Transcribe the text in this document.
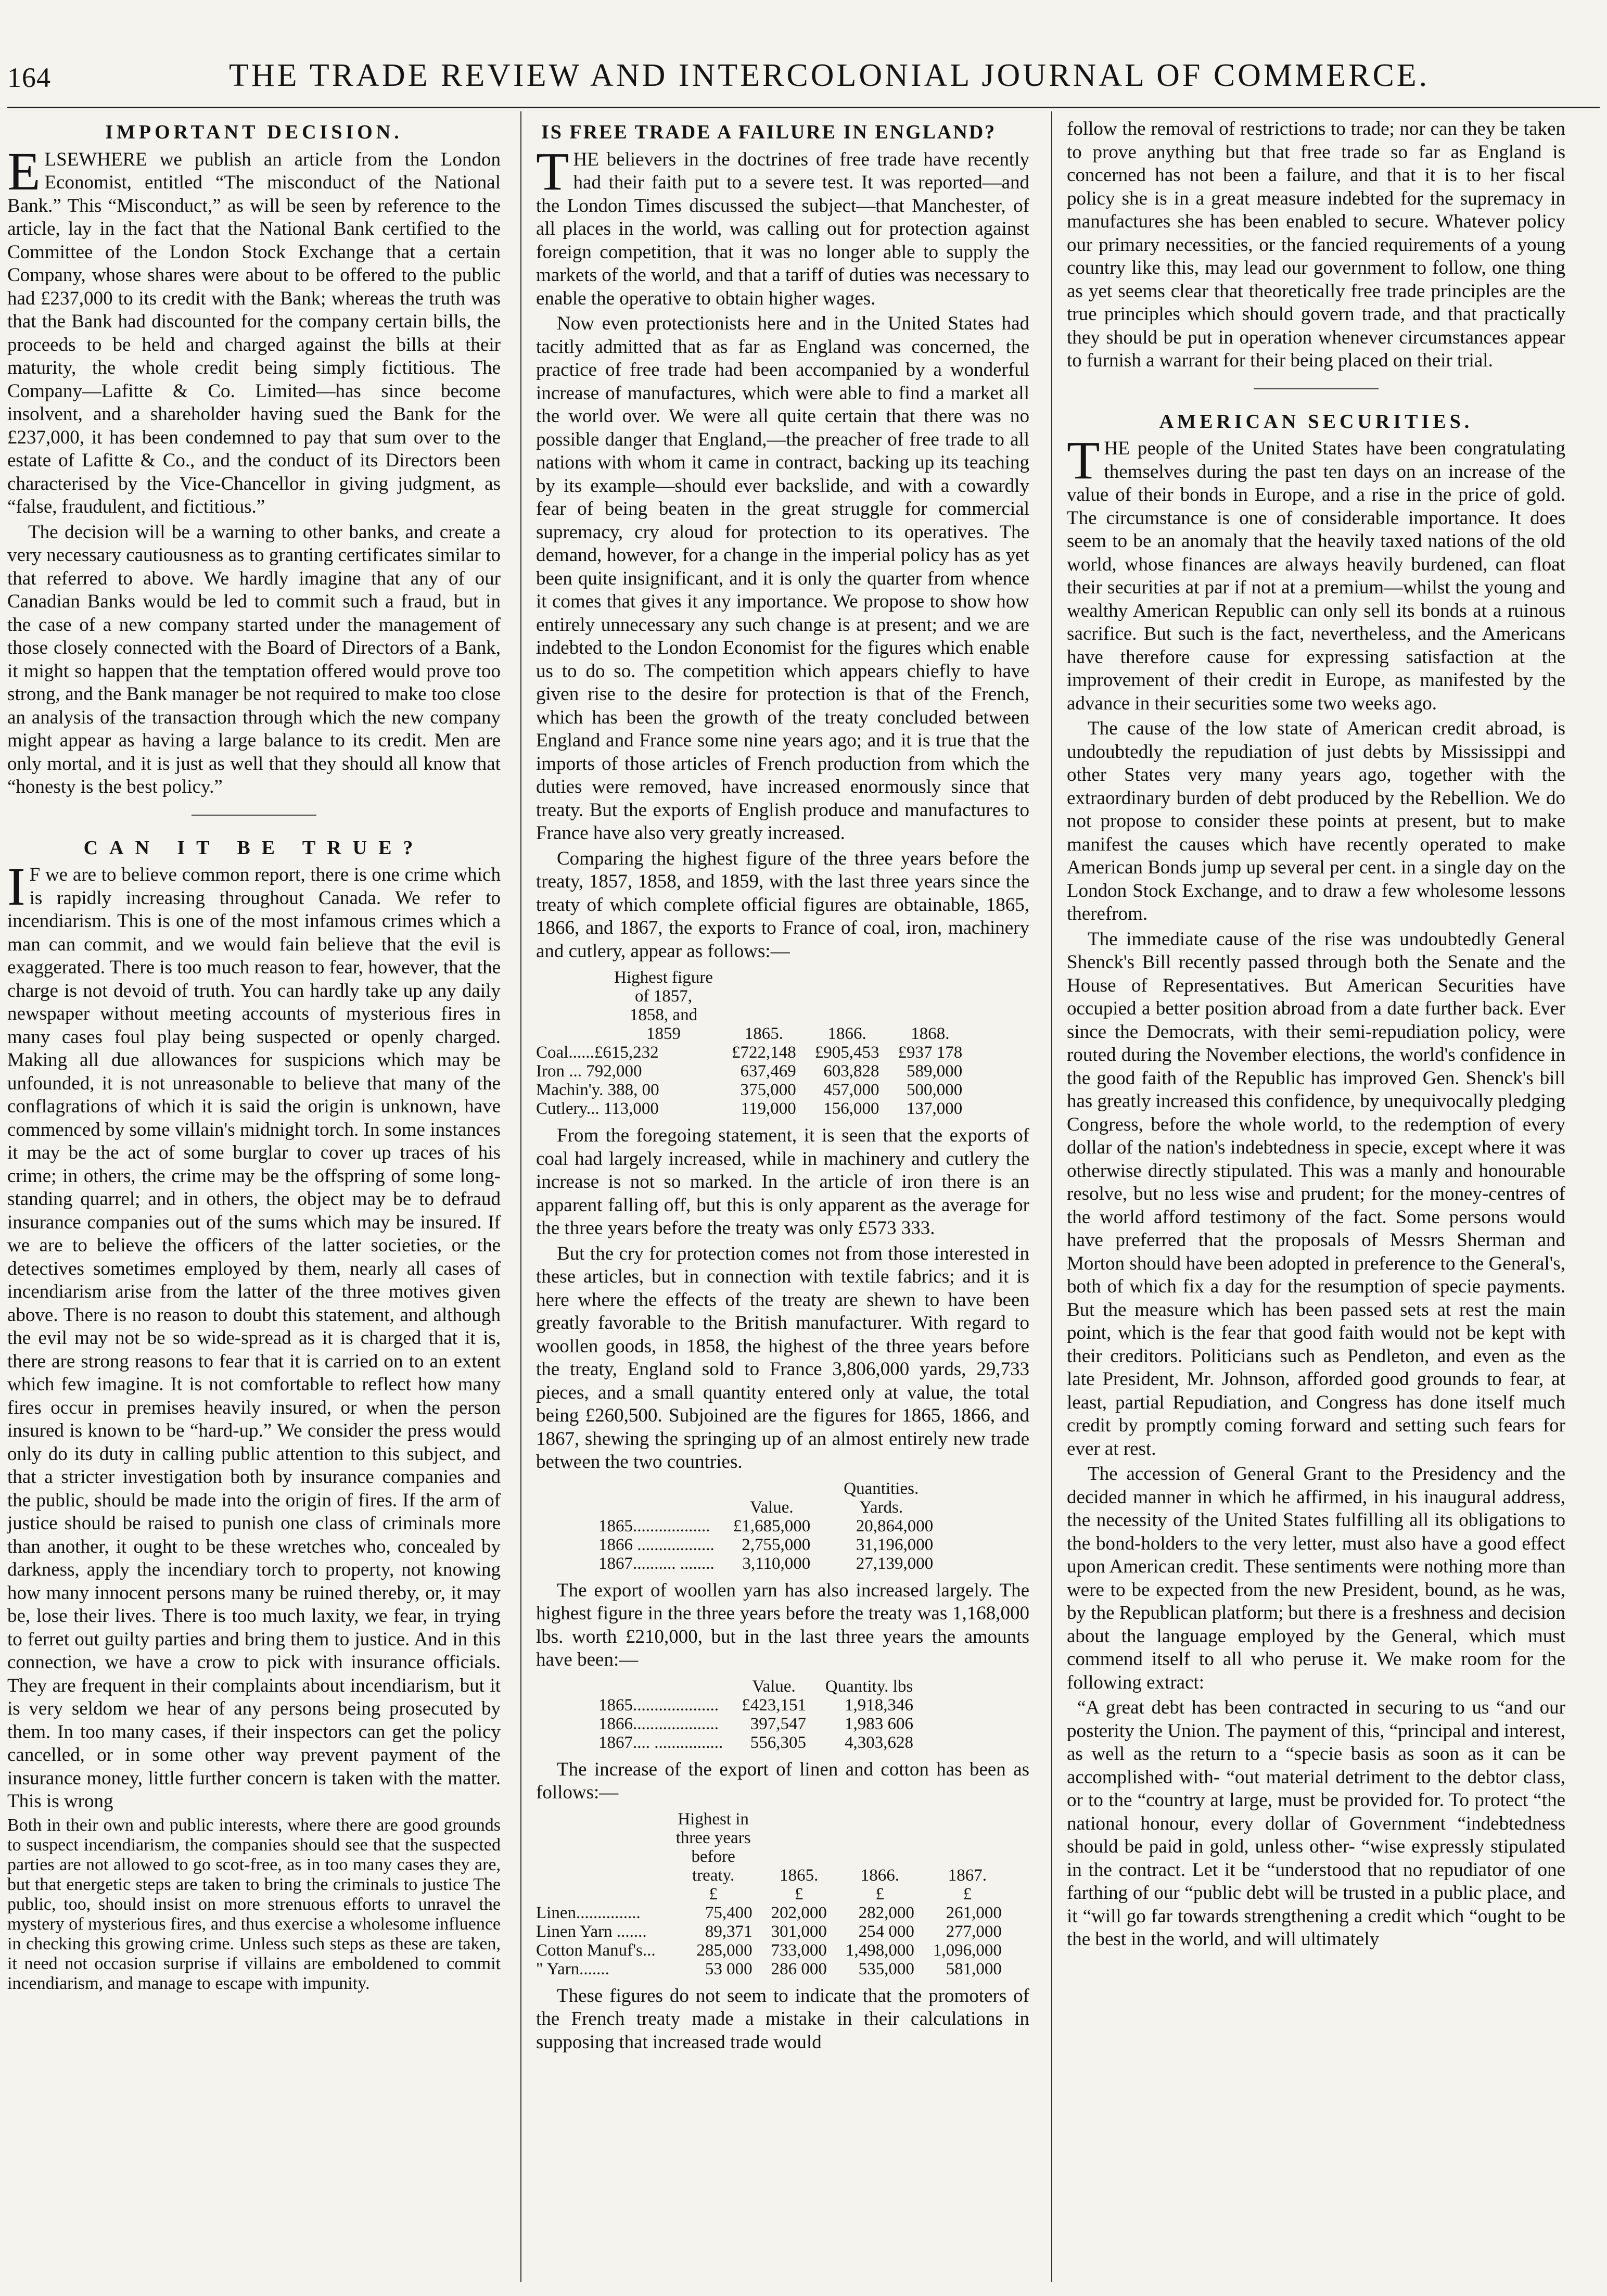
164	THE TRADE REVIEW AND INTERCOLONIAL JOURNAL OF COMMERCE.
IMPORTANT DECISION.

ELSEWHERE we publish an article from the London Economist, entitled “The misconduct of the National Bank.” This “Misconduct,” as will be seen by reference to the article, lay in the fact that the National Bank certified to the Committee of the London Stock Exchange that a certain Company, whose shares were about to be offered to the public had £237,000 to its credit with the Bank; whereas the truth was that the Bank had discounted for the company certain bills, the proceeds to be held and charged against the bills at their maturity, the whole credit being simply fictitious. The Company—Lafitte & Co. Limited—has since become insolvent, and a shareholder having sued the Bank for the £237,000, it has been condemned to pay that sum over to the estate of Lafitte & Co., and the conduct of its Directors been characterised by the Vice-Chancellor in giving judgment, as “false, fraudulent, and fictitious.”

The decision will be a warning to other banks, and create a very necessary cautiousness as to granting certificates similar to that referred to above. We hardly imagine that any of our Canadian Banks would be led to commit such a fraud, but in the case of a new company started under the management of those closely connected with the Board of Directors of a Bank, it might so happen that the temptation offered would prove too strong, and the Bank manager be not required to make too close an analysis of the transaction through which the new company might appear as having a large balance to its credit. Men are only mortal, and it is just as well that they should all know that “honesty is the best policy.”

CAN IT BE TRUE?

I F we are to believe common report, there is one crime which is rapidly increasing throughout Canada. We refer to incendiarism. This is one of the most infamous crimes which a man can commit, and we would fain believe that the evil is exaggerated. There is too much reason to fear, however, that the charge is not devoid of truth. You can hardly take up any daily newspaper without meeting accounts of mysterious fires in many cases foul play being suspected or openly charged. Making all due allowances for suspicions which may be unfounded, it is not unreasonable to believe that many of the conflagrations of which it is said the origin is unknown, have commenced by some villain's midnight torch. In some instances it may be the act of some burglar to cover up traces of his crime; in others, the crime may be the offspring of some long-standing quarrel; and in others, the object may be to defraud insurance companies out of the sums which may be insured. If we are to believe the officers of the latter societies, or the detectives sometimes employed by them, nearly all cases of incendiarism arise from the latter of the three motives given above. There is no reason to doubt this statement, and although the evil may not be so wide-spread as it is charged that it is, there are strong reasons to fear that it is carried on to an extent which few imagine. It is not comfortable to reflect how many fires occur in premises heavily insured, or when the person insured is known to be “hard-up.” We consider the press would only do its duty in calling public attention to this subject, and that a stricter investigation both by insurance companies and the public, should be made into the origin of fires. If the arm of justice should be raised to punish one class of criminals more than another, it ought to be these wretches who, concealed by darkness, apply the incendiary torch to property, not knowing how many innocent persons many be ruined thereby, or, it may be, lose their lives. There is too much laxity, we fear, in trying to ferret out guilty parties and bring them to justice. And in this connection, we have a crow to pick with insurance officials. They are frequent in their complaints about incendiarism, but it is very seldom we hear of any persons being prosecuted by them. In too many cases, if their inspectors can get the policy cancelled, or in some other way prevent payment of the insurance money, little further concern is taken with the matter. This is wrong

Both in their own and public interests, where there are good grounds to suspect incendiarism, the companies should see that the suspected parties are not allowed to go scot-free, as in too many cases they are, but that energetic steps are taken to bring the criminals to justice The public, too, should insist on more strenuous efforts to unravel the mystery of mysterious fires, and thus exercise a wholesome influence in checking this growing crime. Unless such steps as these are taken, it need not occasion surprise if villains are emboldened to commit incendiarism, and manage to escape with impunity.

IS FREE TRADE A FAILURE IN ENGLAND?

THE believers in the doctrines of free trade have recently had their faith put to a severe test. It was reported—and the London Times discussed the subject—that Manchester, of all places in the world, was calling out for protection against foreign competition, that it was no longer able to supply the markets of the world, and that a tariff of duties was necessary to enable the operative to obtain higher wages.

Now even protectionists here and in the United States had tacitly admitted that as far as England was concerned, the practice of free trade had been accompanied by a wonderful increase of manufactures, which were able to find a market all the world over. We were all quite certain that there was no possible danger that England,—the preacher of free trade to all nations with whom it came in contract, backing up its teaching by its example—should ever backslide, and with a cowardly fear of being beaten in the great struggle for commercial supremacy, cry aloud for protection to its operatives. The demand, however, for a change in the imperial policy has as yet been quite insignificant, and it is only the quarter from whence it comes that gives it any importance. We propose to show how entirely unnecessary any such change is at present; and we are indebted to the London Economist for the figures which enable us to do so. The competition which appears chiefly to have given rise to the desire for protection is that of the French, which has been the growth of the treaty concluded between England and France some nine years ago; and it is true that the imports of those articles of French production from which the duties were removed, have increased enormously since that treaty. But the exports of English produce and manufactures to France have also very greatly increased.

Comparing the highest figure of the three years before the treaty, 1857, 1858, and 1859, with the last three years since the treaty of which complete official figures are obtainable, 1865, 1866, and 1867, the exports to France of coal, iron, machinery and cutlery, appear as follows:—

Highest figure of 1857, 1858, and 1859	1865.	1866.	1868.
Coal......£615,232	£722,148	£905,453	£937 178
Iron ... 792,000	637,469	603,828	589,000
Machin'y. 388, 00	375,000	457,000	500,000
Cutlery... 113,000	119,000	156,000	137,000

From the foregoing statement, it is seen that the exports of coal had largely increased, while in machinery and cutlery the increase is not so marked. In the article of iron there is an apparent falling off, but this is only apparent as the average for the three years before the treaty was only £573 333.

But the cry for protection comes not from those interested in these articles, but in connection with textile fabrics; and it is here where the effects of the treaty are shewn to have been greatly favorable to the British manufacturer. With regard to woollen goods, in 1858, the highest of the three years before the treaty, England sold to France 3,806,000 yards, 29,733 pieces, and a small quantity entered only at value, the total being £260,500. Subjoined are the figures for 1865, 1866, and 1867, shewing the springing up of an almost entirely new trade between the two countries.

	Value.	Quantities. Yards.
1865..................	£1,685,000	20,864,000
1866 ..................	2,755,000	31,196,000
1867.......... ........	3,110,000	27,139,000

The export of woollen yarn has also increased largely. The highest figure in the three years before the treaty was 1,168,000 lbs. worth £210,000, but in the last three years the amounts have been:—

	Value.	Quantity. lbs
1865....................	£423,151	1,918,346
1866....................	397,547	1,983 606
1867.... ................	556,305	4,303,628

The increase of the export of linen and cotton has been as follows:—

	Highest in three years before treaty.	1865.	1866.	1867.
	£	£	£	£
Linen...............	75,400	202,000	282,000	261,000
Linen Yarn .......	89,371	301,000	254 000	277,000
Cotton Manuf's...	285,000	733,000	1,498,000	1,096,000
" Yarn.......	53 000	286 000	535,000	581,000

These figures do not seem to indicate that the promoters of the French treaty made a mistake in their calculations in supposing that increased trade would

follow the removal of restrictions to trade; nor can they be taken to prove anything but that free trade so far as England is concerned has not been a failure, and that it is to her fiscal policy she is in a great measure indebted for the supremacy in manufactures she has been enabled to secure. Whatever policy our primary necessities, or the fancied requirements of a young country like this, may lead our government to follow, one thing as yet seems clear that theoretically free trade principles are the true principles which should govern trade, and that practically they should be put in operation whenever circumstances appear to furnish a warrant for their being placed on their trial.

AMERICAN SECURITIES.

THE people of the United States have been congratulating themselves during the past ten days on an increase of the value of their bonds in Europe, and a rise in the price of gold. The circumstance is one of considerable importance. It does seem to be an anomaly that the heavily taxed nations of the old world, whose finances are always heavily burdened, can float their securities at par if not at a premium—whilst the young and wealthy American Republic can only sell its bonds at a ruinous sacrifice. But such is the fact, nevertheless, and the Americans have therefore cause for expressing satisfaction at the improvement of their credit in Europe, as manifested by the advance in their securities some two weeks ago.

The cause of the low state of American credit abroad, is undoubtedly the repudiation of just debts by Mississippi and other States very many years ago, together with the extraordinary burden of debt produced by the Rebellion. We do not propose to consider these points at present, but to make manifest the causes which have recently operated to make American Bonds jump up several per cent. in a single day on the London Stock Exchange, and to draw a few wholesome lessons therefrom.

The immediate cause of the rise was undoubtedly General Shenck's Bill recently passed through both the Senate and the House of Representatives. But American Securities have occupied a better position abroad from a date further back. Ever since the Democrats, with their semi-repudiation policy, were routed during the November elections, the world's confidence in the good faith of the Republic has improved Gen. Shenck's bill has greatly increased this confidence, by unequivocally pledging Congress, before the whole world, to the redemption of every dollar of the nation's indebtedness in specie, except where it was otherwise directly stipulated. This was a manly and honourable resolve, but no less wise and prudent; for the money-centres of the world afford testimony of the fact. Some persons would have preferred that the proposals of Messrs Sherman and Morton should have been adopted in preference to the General's, both of which fix a day for the resumption of specie payments. But the measure which has been passed sets at rest the main point, which is the fear that good faith would not be kept with their creditors. Politicians such as Pendleton, and even as the late President, Mr. Johnson, afforded good grounds to fear, at least, partial Repudiation, and Congress has done itself much credit by promptly coming forward and setting such fears for ever at rest.

The accession of General Grant to the Presidency and the decided manner in which he affirmed, in his inaugural address, the necessity of the United States fulfilling all its obligations to the bond-holders to the very letter, must also have a good effect upon American credit. These sentiments were nothing more than were to be expected from the new President, bound, as he was, by the Republican platform; but there is a freshness and decision about the language employed by the General, which must commend itself to all who peruse it. We make room for the following extract:

“A great debt has been contracted in securing to us “and our posterity the Union. The payment of this, “principal and interest, as well as the return to a “specie basis as soon as it can be accomplished with- “out material detriment to the debtor class, or to the “country at large, must be provided for. To protect “the national honour, every dollar of Government “indebtedness should be paid in gold, unless other- “wise expressly stipulated in the contract. Let it be “understood that no repudiator of one farthing of our “public debt will be trusted in a public place, and it “will go far towards strengthening a credit which “ought to be the best in the world, and will ultimately
